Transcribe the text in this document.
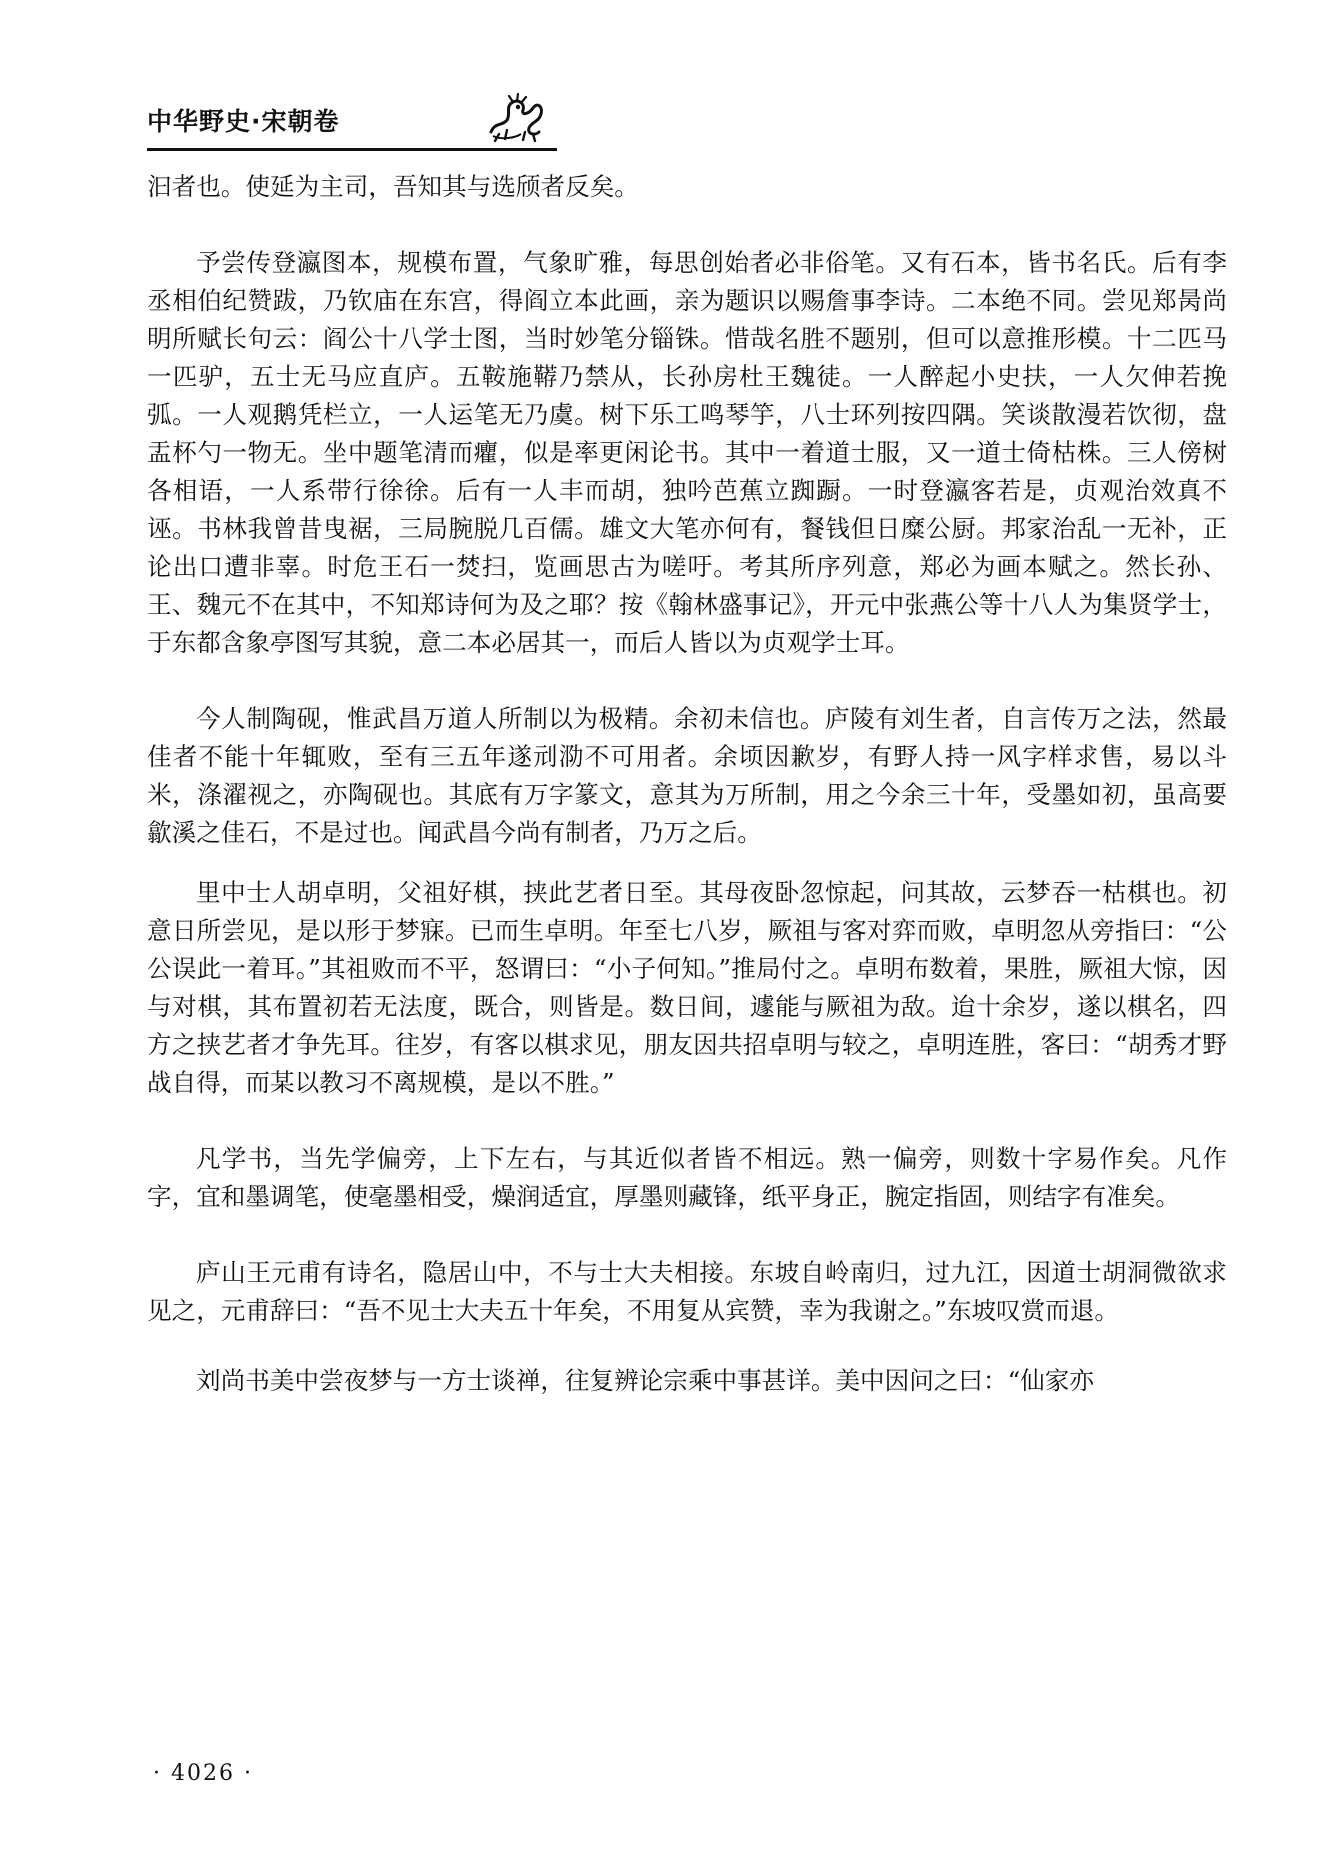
中华野史·宋朝卷

汩者也。使延为主司，吾知其与选颀者反矣。

予尝传登瀛图本，规模布置，气象旷雅，每思创始者必非俗笔。又有石本，皆书名氏。后有李丞相伯纪赞跋，乃钦庙在东宫，得阎立本此画，亲为题识以赐詹事李诗。二本绝不同。尝见郑昺尚明所赋长句云：阎公十八学士图，当时妙笔分锱铢。惜哉名胜不题别，但可以意推形模。十二匹马一匹驴，五士无马应直庐。五鞍施鞯乃禁从，长孙房杜王魏徒。一人醉起小史扶，一人欠伸若挽弧。一人观鹅凭栏立，一人运笔无乃虞。树下乐工鸣琴竽，八士环列按四隅。笑谈散漫若饮彻，盘盂杯勺一物无。坐中题笔清而癯，似是率更闲论书。其中一着道士服，又一道士倚枯株。三人傍树各相语，一人系带行徐徐。后有一人丰而胡，独吟芭蕉立踟蹰。一时登瀛客若是，贞观治效真不诬。书林我曾昔曳裾，三局腕脱几百儒。雄文大笔亦何有，餐钱但日糜公厨。邦家治乱一无补，正论出口遭非辜。时危王石一焚扫，览画思古为嗟吁。考其所序列意，郑必为画本赋之。然长孙、王、魏元不在其中，不知郑诗何为及之耶？按《翰林盛事记》，开元中张燕公等十八人为集贤学士，于东都含象亭图写其貌，意二本必居其一，而后人皆以为贞观学士耳。

今人制陶砚，惟武昌万道人所制以为极精。余初未信也。庐陵有刘生者，自言传万之法，然最佳者不能十年辄败，至有三五年遂刓泐不可用者。余顷因歉岁，有野人持一风字样求售，易以斗米，涤濯视之，亦陶砚也。其底有万字篆文，意其为万所制，用之今余三十年，受墨如初，虽高要歙溪之佳石，不是过也。闻武昌今尚有制者，乃万之后。

里中士人胡卓明，父祖好棋，挟此艺者日至。其母夜卧忽惊起，问其故，云梦吞一枯棋也。初意日所尝见，是以形于梦寐。已而生卓明。年至七八岁，厥祖与客对弈而败，卓明忽从旁指曰：“公公误此一着耳。”其祖败而不平，怒谓曰：“小子何知。”推局付之。卓明布数着，果胜，厥祖大惊，因与对棋，其布置初若无法度，既合，则皆是。数日间，遽能与厥祖为敌。迨十余岁，遂以棋名，四方之挟艺者才争先耳。往岁，有客以棋求见，朋友因共招卓明与较之，卓明连胜，客曰：“胡秀才野战自得，而某以教习不离规模，是以不胜。”

凡学书，当先学偏旁，上下左右，与其近似者皆不相远。熟一偏旁，则数十字易作矣。凡作字，宜和墨调笔，使毫墨相受，燥润适宜，厚墨则藏锋，纸平身正，腕定指固，则结字有准矣。

庐山王元甫有诗名，隐居山中，不与士大夫相接。东坡自岭南归，过九江，因道士胡洞微欲求见之，元甫辞曰：“吾不见士大夫五十年矣，不用复从宾赞，幸为我谢之。”东坡叹赏而退。

刘尚书美中尝夜梦与一方士谈禅，往复辨论宗乘中事甚详。美中因问之曰：“仙家亦

· 4026 ·
